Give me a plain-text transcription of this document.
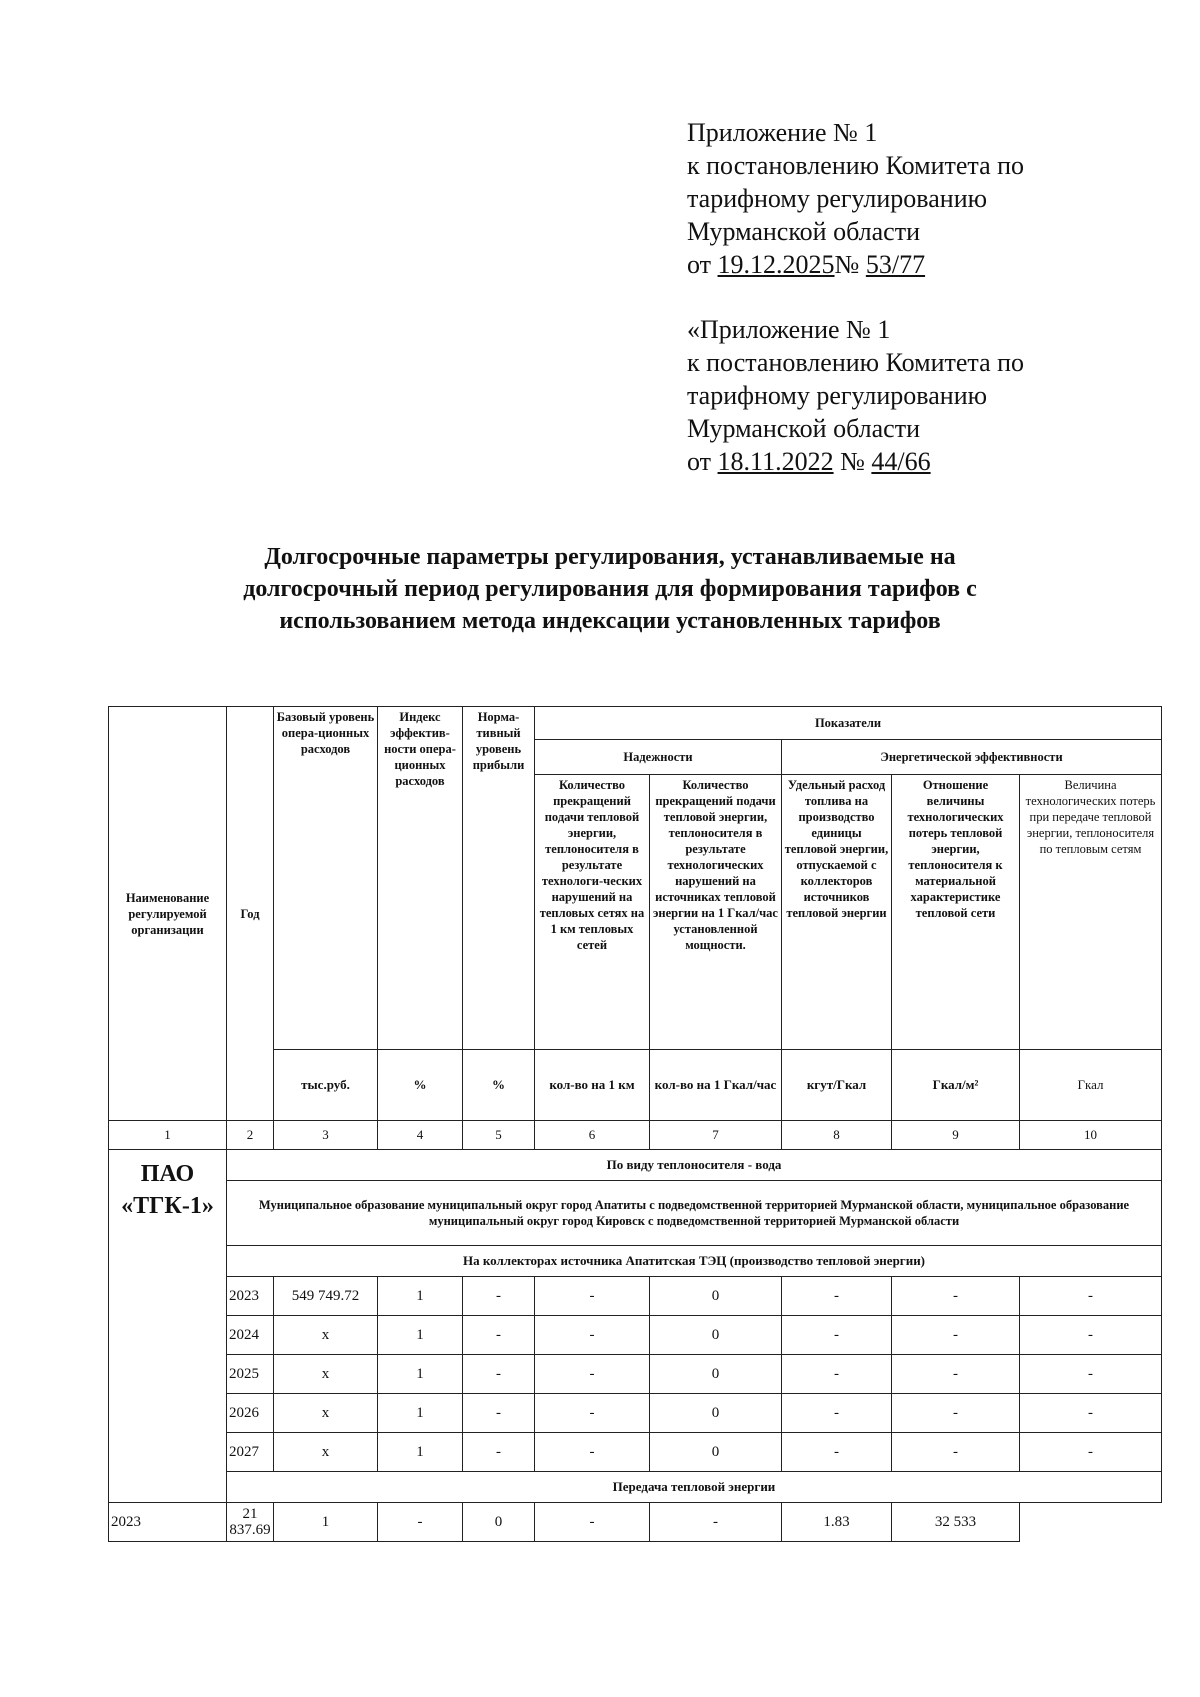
Приложение № 1
к постановлению Комитета по
тарифному регулированию
Мурманской области
от 19.12.2025№ 53/77
«Приложение № 1
к постановлению Комитета по
тарифному регулированию
Мурманской области
от 18.11.2022 № 44/66
Долгосрочные параметры регулирования, устанавливаемые на
долгосрочный период регулирования для формирования тарифов с
использованием метода индексации установленных тарифов
Наименование регулируемой организации	Год	Базовый уровень опера-ционных расходов	Индекс эффектив-ности опера-ционных расходов	Норма-тивный уровень прибыли	Показатели				
					Надежности		Энергетической эффективности		
					Количество прекращений подачи тепловой энергии, теплоносителя в результате технологи-ческих нарушений на тепловых сетях на 1 км тепловых сетей	Количество прекращений подачи тепловой энергии, теплоносителя в результате технологических нарушений на источниках тепловой энергии на 1 Гкал/час установленной мощности.	Удельный расход топлива на производство единицы тепловой энергии, отпускаемой с коллекторов источников тепловой энергии	Отношение величины технологических потерь тепловой энергии, теплоносителя к материальной характеристике тепловой сети	Величина технологических потерь при передаче тепловой энергии, теплоносителя по тепловым сетям
		тыс.руб.	%	%	кол-во на 1 км	кол-во на 1 Гкал/час	кгут/Гкал	Гкал/м²	Гкал
1	2	3	4	5	6	7	8	9	10
ПАО «ТГК-1»	По виду теплоносителя - вода								
	Муниципальное образование муниципальный округ город Апатиты с подведомственной территорией Мурманской области, муниципальное образование муниципальный округ город Кировск с подведомственной территорией Мурманской области								
	На коллекторах источника Апатитская ТЭЦ (производство тепловой энергии)								
	2023	549 749.72	1	-	-	0	-	-	-
	2024	x	1	-	-	0	-	-	-
	2025	x	1	-	-	0	-	-	-
	2026	x	1	-	-	0	-	-	-
	2027	x	1	-	-	0	-	-	-
	Передача тепловой энергии								
2023	21 837.69	1	-	0	-	-	1.83	32 533	
